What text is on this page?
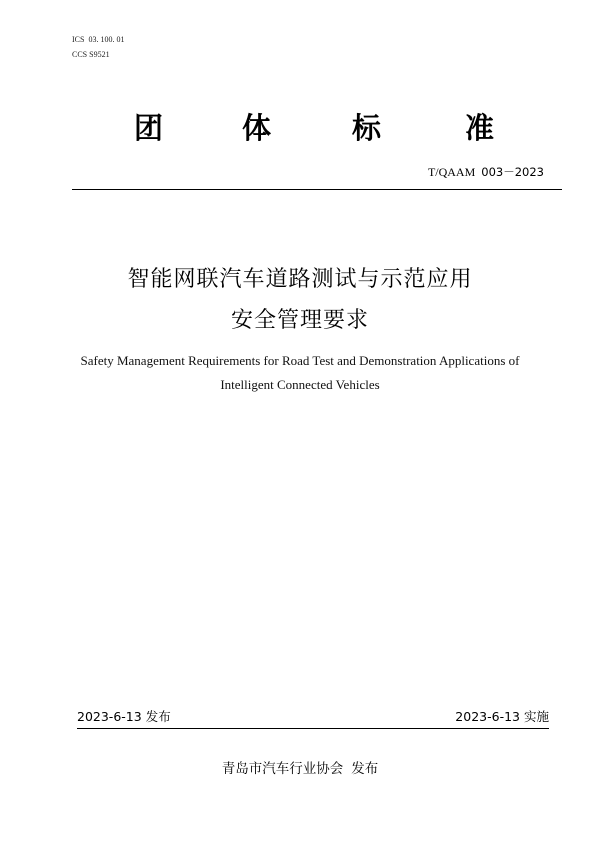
ICS  03. 100. 01
CCS S9521
团	体	标	准
T/QAAM 003－2023
智能网联汽车道路测试与示范应用
安全管理要求
Safety Management Requirements for Road Test and Demonstration Applications of
Intelligent Connected Vehicles
2023-6-13 发布	2023-6-13 实施
青岛市汽车行业协会 发布
